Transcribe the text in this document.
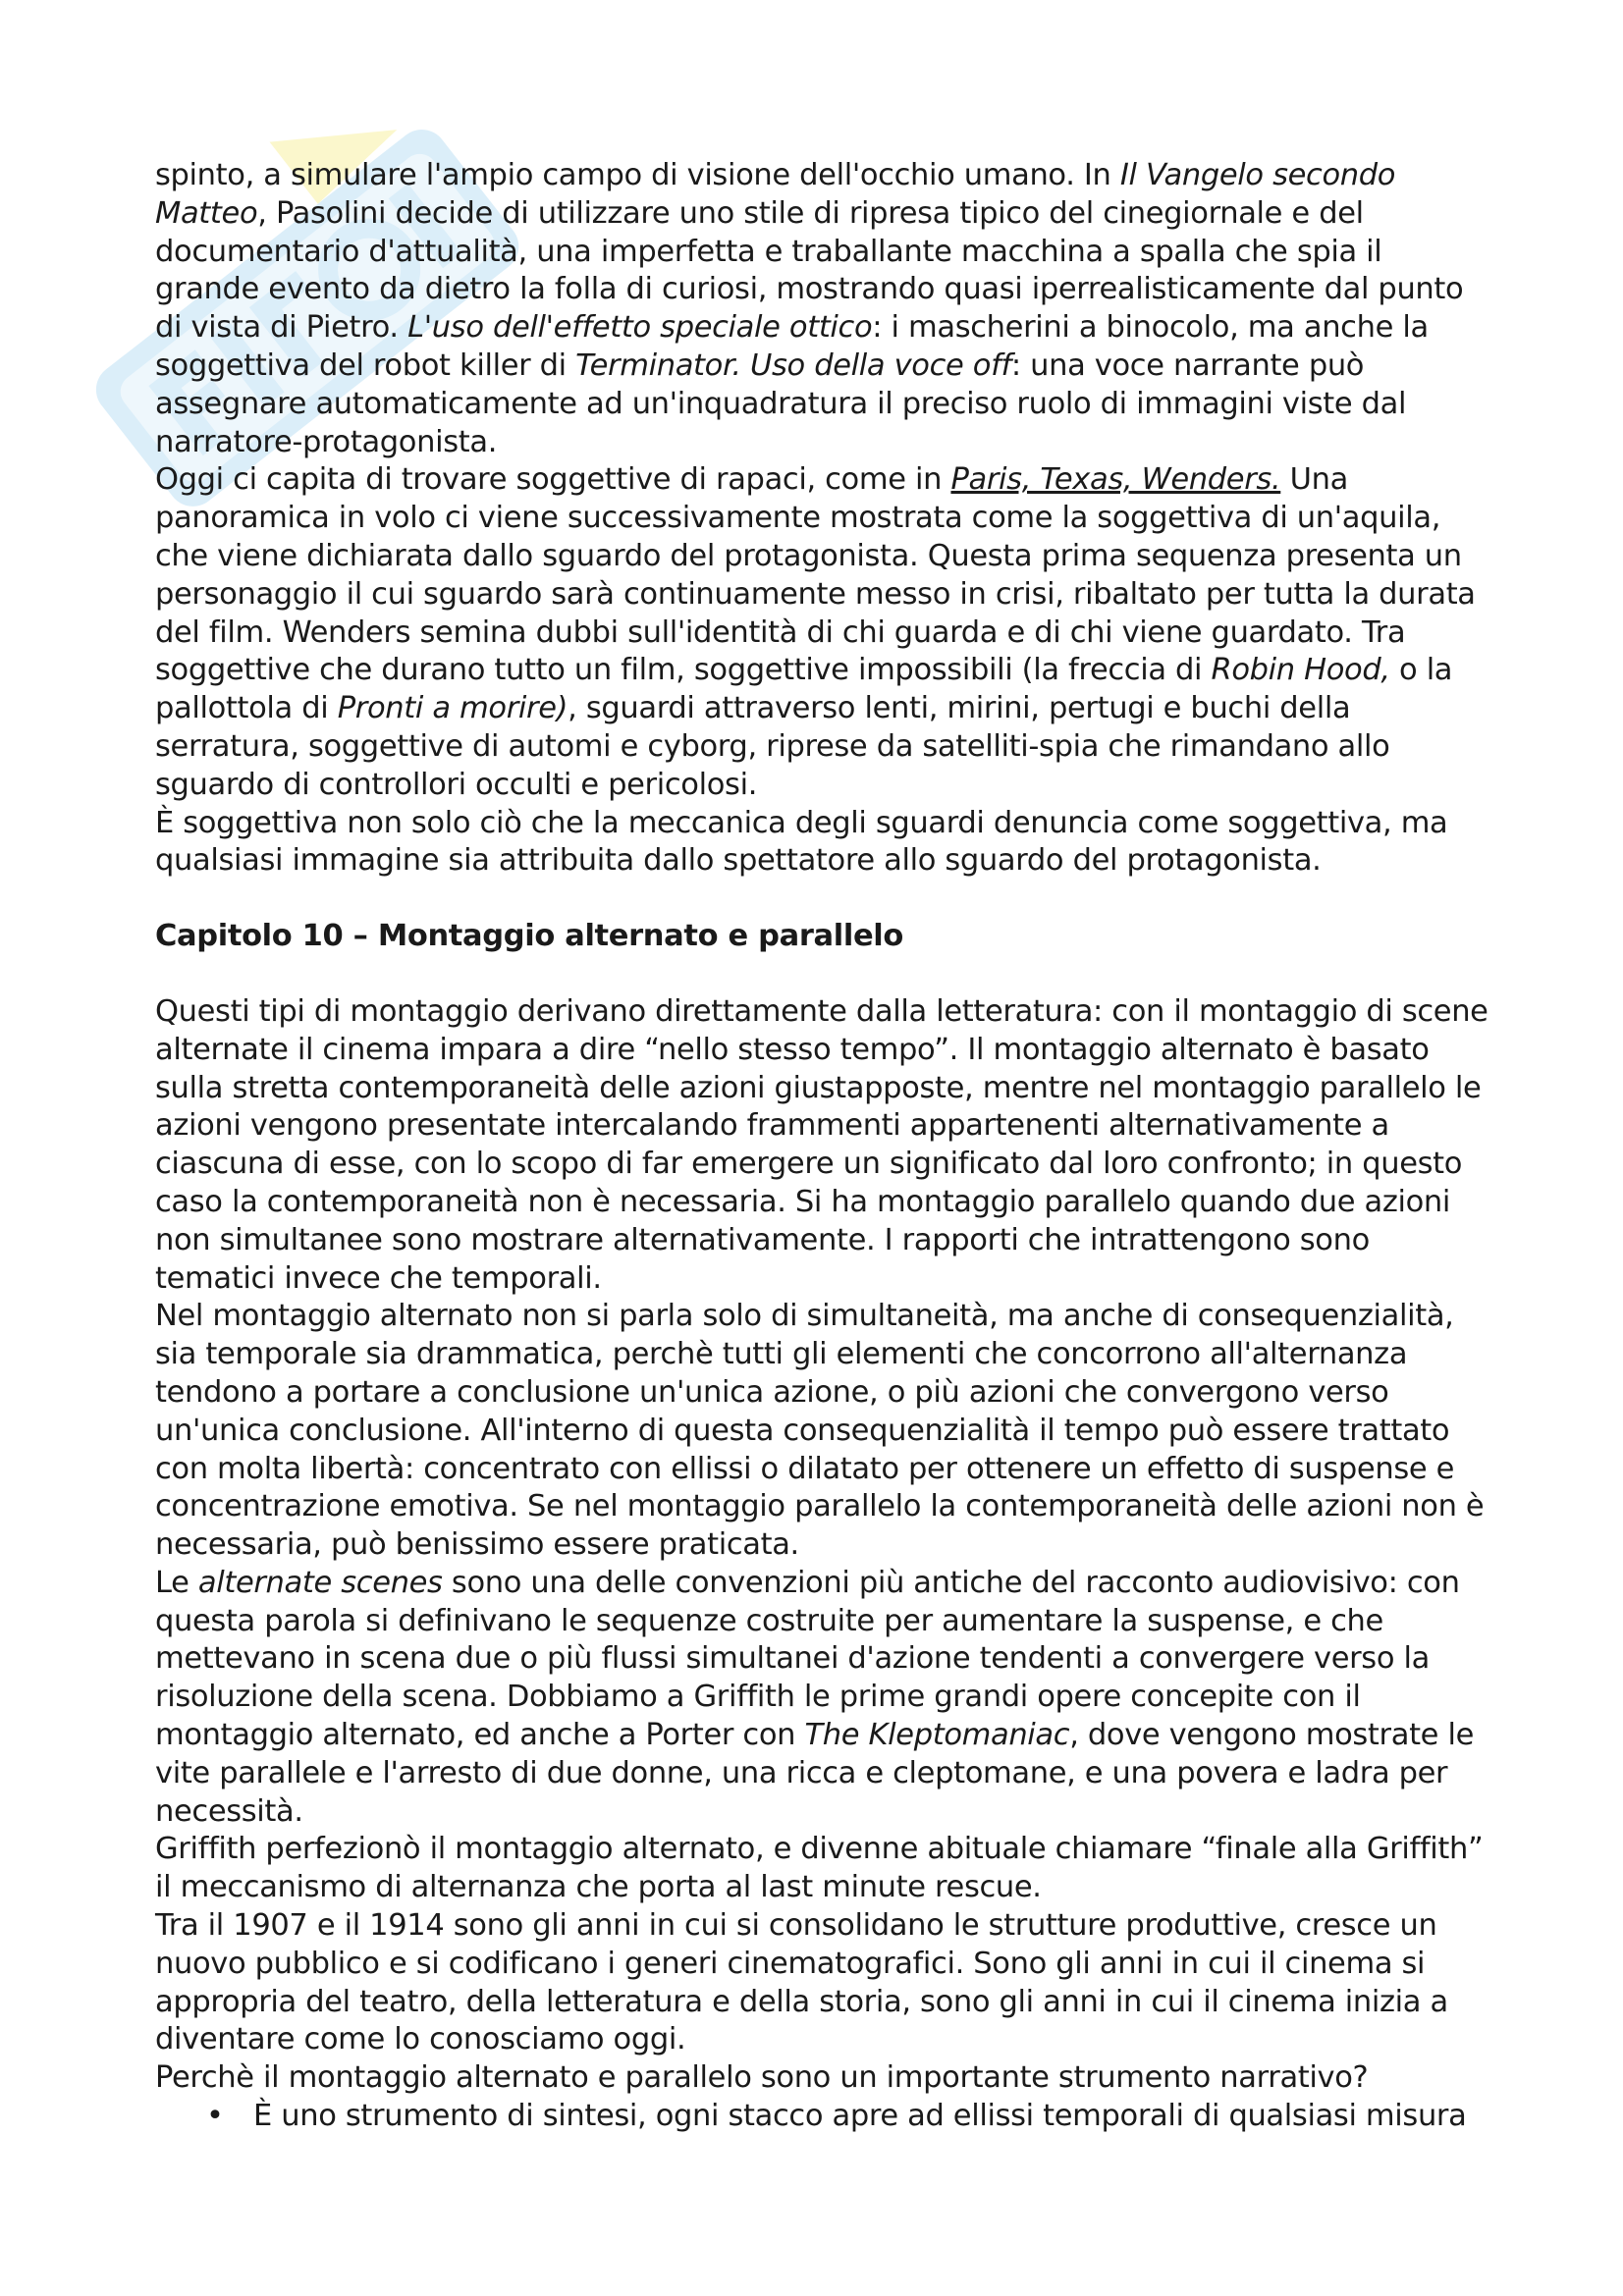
spinto, a simulare l'ampio campo di visione dell'occhio umano. In Il Vangelo secondo Matteo, Pasolini decide di utilizzare uno stile di ripresa tipico del cinegiornale e del documentario d'attualità, una imperfetta e traballante macchina a spalla che spia il grande evento da dietro la folla di curiosi, mostrando quasi iperrealisticamente dal punto di vista di Pietro. L'uso dell'effetto speciale ottico: i mascherini a binocolo, ma anche la soggettiva del robot killer di Terminator. Uso della voce off: una voce narrante può assegnare automaticamente ad un'inquadratura il preciso ruolo di immagini viste dal narratore-protagonista.

Oggi ci capita di trovare soggettive di rapaci, come in Paris, Texas, Wenders. Una panoramica in volo ci viene successivamente mostrata come la soggettiva di un'aquila, che viene dichiarata dallo sguardo del protagonista. Questa prima sequenza presenta un personaggio il cui sguardo sarà continuamente messo in crisi, ribaltato per tutta la durata del film. Wenders semina dubbi sull'identità di chi guarda e di chi viene guardato. Tra soggettive che durano tutto un film, soggettive impossibili (la freccia di Robin Hood, o la pallottola di Pronti a morire), sguardi attraverso lenti, mirini, pertugi e buchi della serratura, soggettive di automi e cyborg, riprese da satelliti-spia che rimandano allo sguardo di controllori occulti e pericolosi.

È soggettiva non solo ciò che la meccanica degli sguardi denuncia come soggettiva, ma qualsiasi immagine sia attribuita dallo spettatore allo sguardo del protagonista.

Capitolo 10 – Montaggio alternato e parallelo

Questi tipi di montaggio derivano direttamente dalla letteratura: con il montaggio di scene alternate il cinema impara a dire “nello stesso tempo”. Il montaggio alternato è basato sulla stretta contemporaneità delle azioni giustapposte, mentre nel montaggio parallelo le azioni vengono presentate intercalando frammenti appartenenti alternativamente a ciascuna di esse, con lo scopo di far emergere un significato dal loro confronto; in questo caso la contemporaneità non è necessaria. Si ha montaggio parallelo quando due azioni non simultanee sono mostrare alternativamente. I rapporti che intrattengono sono tematici invece che temporali.

Nel montaggio alternato non si parla solo di simultaneità, ma anche di consequenzialità, sia temporale sia drammatica, perchè tutti gli elementi che concorrono all'alternanza tendono a portare a conclusione un'unica azione, o più azioni che convergono verso un'unica conclusione. All'interno di questa consequenzialità il tempo può essere trattato con molta libertà: concentrato con ellissi o dilatato per ottenere un effetto di suspense e concentrazione emotiva. Se nel montaggio parallelo la contemporaneità delle azioni non è necessaria, può benissimo essere praticata.

Le alternate scenes sono una delle convenzioni più antiche del racconto audiovisivo: con questa parola si definivano le sequenze costruite per aumentare la suspense, e che mettevano in scena due o più flussi simultanei d'azione tendenti a convergere verso la risoluzione della scena. Dobbiamo a Griffith le prime grandi opere concepite con il montaggio alternato, ed anche a Porter con The Kleptomaniac, dove vengono mostrate le vite parallele e l'arresto di due donne, una ricca e cleptomane, e una povera e ladra per necessità.

Griffith perfezionò il montaggio alternato, e divenne abituale chiamare “finale alla Griffith” il meccanismo di alternanza che porta al last minute rescue.

Tra il 1907 e il 1914 sono gli anni in cui si consolidano le strutture produttive, cresce un nuovo pubblico e si codificano i generi cinematografici. Sono gli anni in cui il cinema si appropria del teatro, della letteratura e della storia, sono gli anni in cui il cinema inizia a diventare come lo conosciamo oggi.

Perchè il montaggio alternato e parallelo sono un importante strumento narrativo?

• È uno strumento di sintesi, ogni stacco apre ad ellissi temporali di qualsiasi misura
